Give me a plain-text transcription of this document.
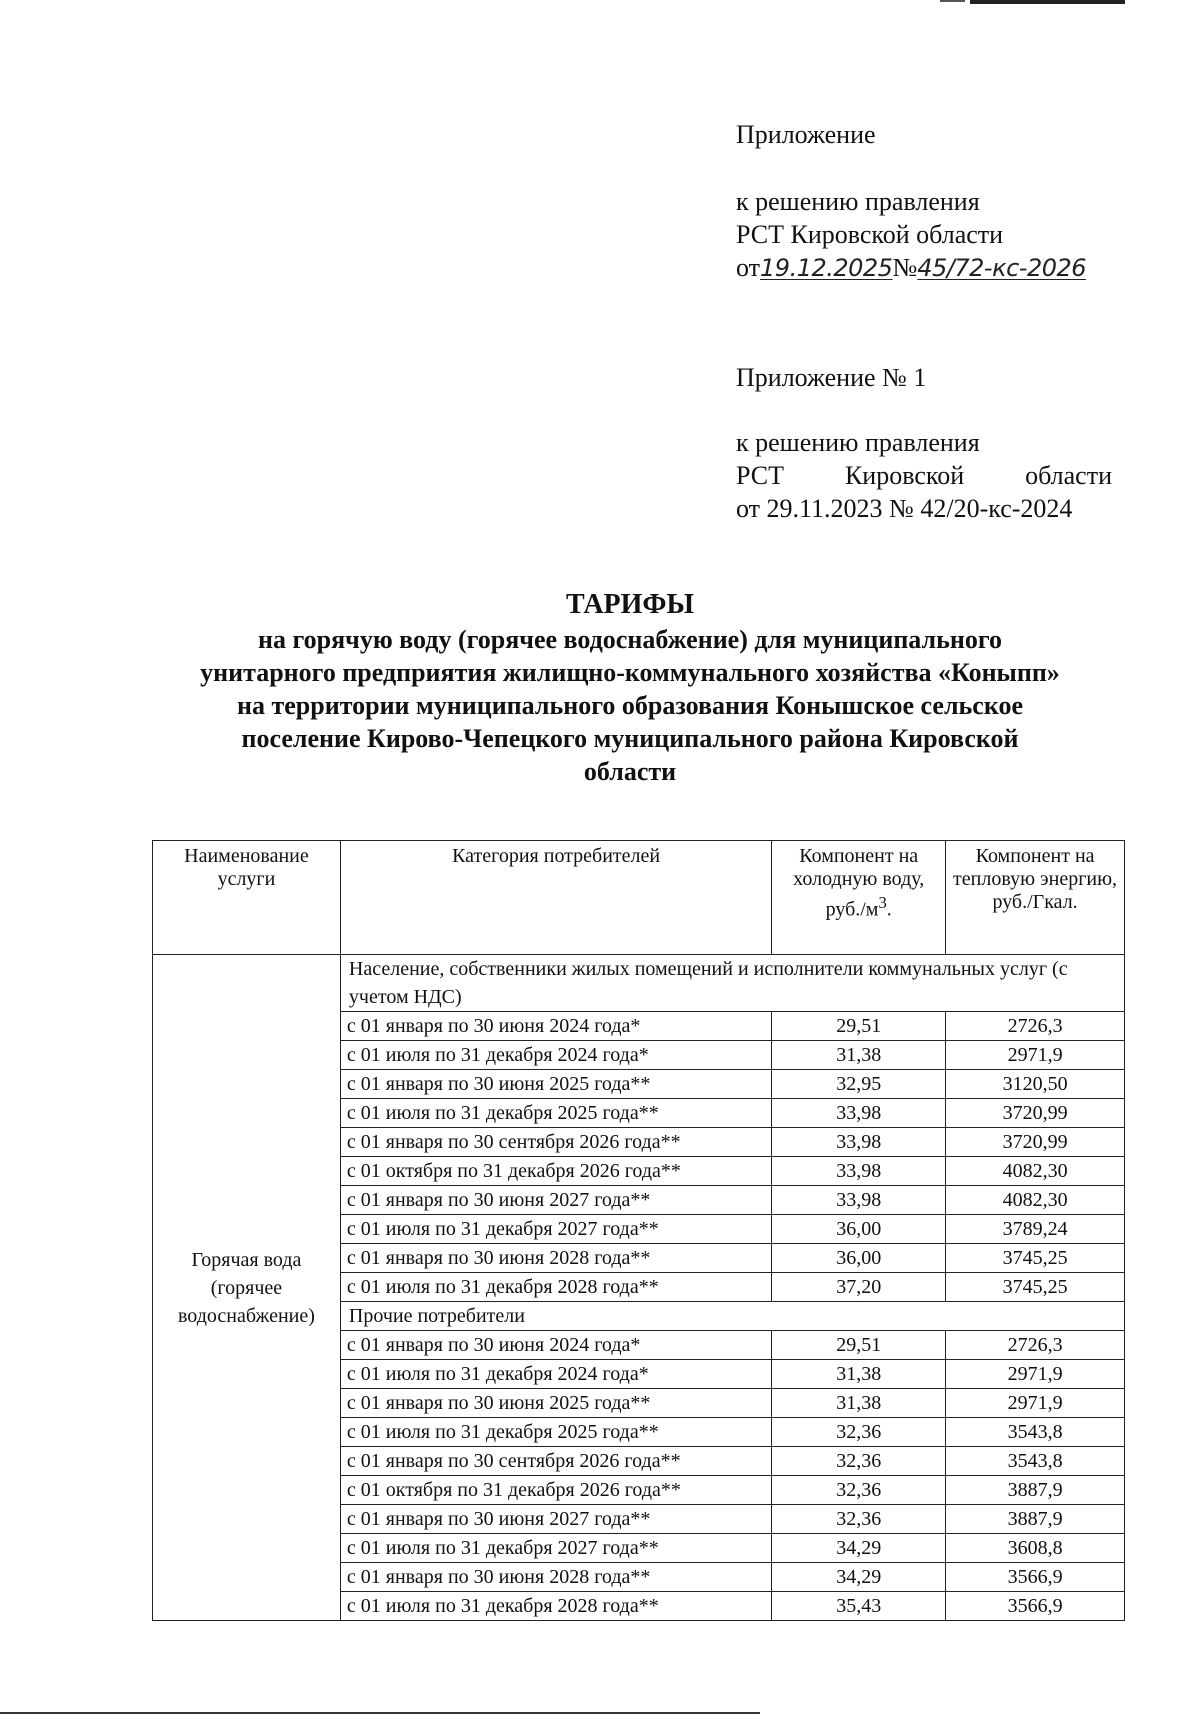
Приложение
к решению правления
РСТ Кировской области
от19.12.2025№45/72-кс-2026
Приложение № 1
к решению правления
РСТ Кировской области
от 29.11.2023 № 42/20-кс-2024
ТАРИФЫ
на горячую воду (горячее водоснабжение) для муниципального
унитарного предприятия жилищно-коммунального хозяйства «Коныпп»
на территории муниципального образования Конышское сельское
поселение Кирово-Чепецкого муниципального района Кировской
области
Наименование услуги	Категория потребителей	Компонент на холодную воду, $руб./м^3$.	Компонент на тепловую энергию, руб./Гкал.
Горячая вода (горячее водоснабжение)	Население, собственники жилых помещений и исполнители коммунальных услуг (с учетом НДС)		
	с 01 января по 30 июня 2024 года*	29,51	2726,3
	с 01 июля по 31 декабря 2024 года*	31,38	2971,9
	с 01 января по 30 июня 2025 года**	32,95	3120,50
	с 01 июля по 31 декабря 2025 года**	33,98	3720,99
	с 01 января по 30 сентября 2026 года**	33,98	3720,99
	с 01 октября по 31 декабря 2026 года**	33,98	4082,30
	с 01 января по 30 июня 2027 года**	33,98	4082,30
	с 01 июля по 31 декабря 2027 года**	36,00	3789,24
	с 01 января по 30 июня 2028 года**	36,00	3745,25
	с 01 июля по 31 декабря 2028 года**	37,20	3745,25
	Прочие потребители		
	с 01 января по 30 июня 2024 года*	29,51	2726,3
	с 01 июля по 31 декабря 2024 года*	31,38	2971,9
	с 01 января по 30 июня 2025 года**	31,38	2971,9
	с 01 июля по 31 декабря 2025 года**	32,36	3543,8
	с 01 января по 30 сентября 2026 года**	32,36	3543,8
	с 01 октября по 31 декабря 2026 года**	32,36	3887,9
	с 01 января по 30 июня 2027 года**	32,36	3887,9
	с 01 июля по 31 декабря 2027 года**	34,29	3608,8
	с 01 января по 30 июня 2028 года**	34,29	3566,9
	с 01 июля по 31 декабря 2028 года**	35,43	3566,9
